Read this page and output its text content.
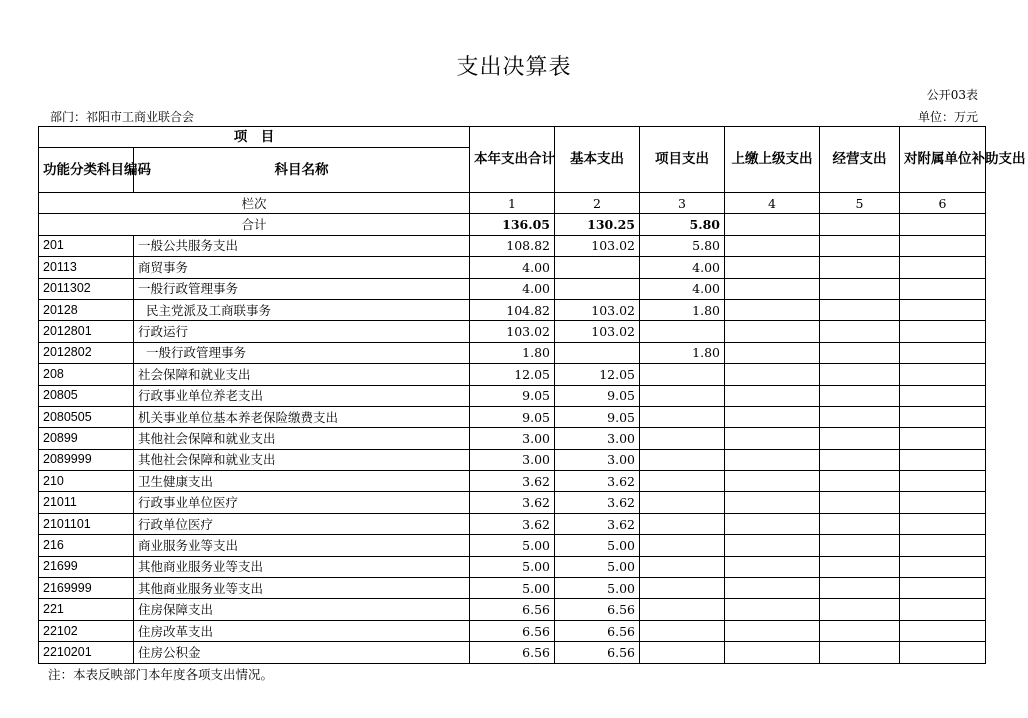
支出决算表
公开03表
部门：祁阳市工商业联合会	单位：万元
项　目		本年支出合计	基本支出	项目支出	上缴上级支出	经营支出	对附属单位补助支出
功能分类科目编码	科目名称						
栏次		1	2	3	4	5	6
合计		136.05	130.25	5.80			
201	一般公共服务支出	108.82	103.02	5.80			
20113	商贸事务	4.00		4.00			
2011302	一般行政管理事务	4.00		4.00			
20128	民主党派及工商联事务	104.82	103.02	1.80			
2012801	行政运行	103.02	103.02				
2012802	一般行政管理事务	1.80		1.80			
208	社会保障和就业支出	12.05	12.05				
20805	行政事业单位养老支出	9.05	9.05				
2080505	机关事业单位基本养老保险缴费支出	9.05	9.05				
20899	其他社会保障和就业支出	3.00	3.00				
2089999	其他社会保障和就业支出	3.00	3.00				
210	卫生健康支出	3.62	3.62				
21011	行政事业单位医疗	3.62	3.62				
2101101	行政单位医疗	3.62	3.62				
216	商业服务业等支出	5.00	5.00				
21699	其他商业服务业等支出	5.00	5.00				
2169999	其他商业服务业等支出	5.00	5.00				
221	住房保障支出	6.56	6.56				
22102	住房改革支出	6.56	6.56				
2210201	住房公积金	6.56	6.56				
注：本表反映部门本年度各项支出情况。
